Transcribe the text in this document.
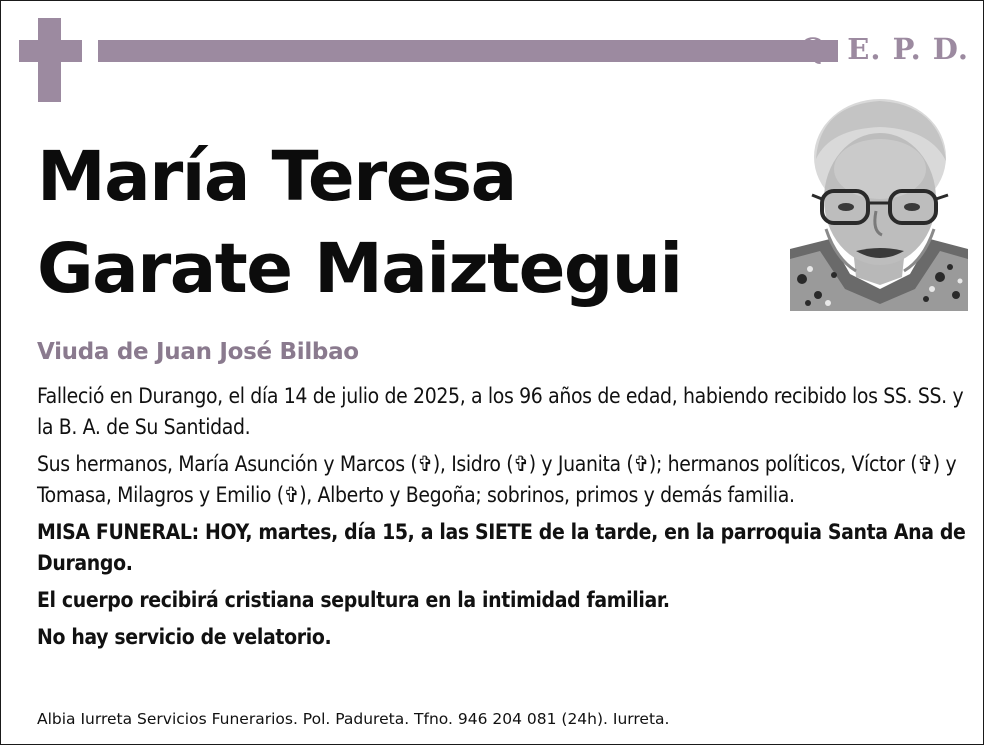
Q. E. P. D.
María Teresa
Garate Maiztegui
Viuda de Juan José Bilbao

Falleció en Durango, el día 14 de julio de 2025, a los 96 años de edad, habiendo recibido los SS. SS. y la B. A. de Su Santidad.

Sus hermanos, María Asunción y Marcos (✞), Isidro (✞) y Juanita (✞); hermanos políticos, Víctor (✞) y Tomasa, Milagros y Emilio (✞), Alberto y Begoña; sobrinos, primos y demás familia.

MISA FUNERAL: HOY, martes, día 15, a las SIETE de la tarde, en la parroquia Santa Ana de Durango.

El cuerpo recibirá cristiana sepultura en la intimidad familiar.

No hay servicio de velatorio.

Albia Iurreta Servicios Funerarios. Pol. Padureta. Tfno. 946 204 081 (24h). Iurreta.
